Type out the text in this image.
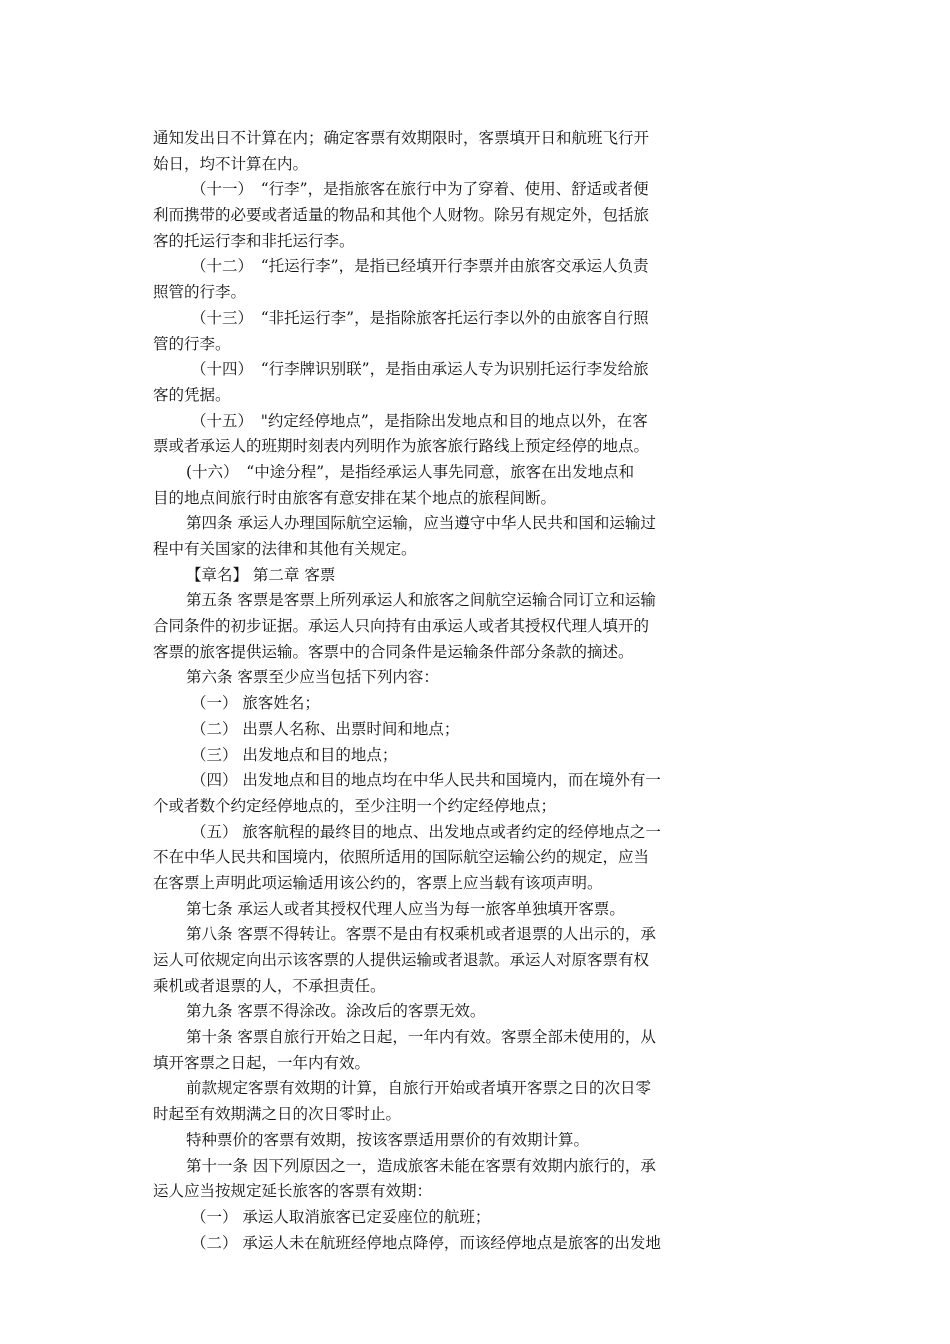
通知发出日不计算在内；确定客票有效期限时，客票填开日和航班飞行开
始日，均不计算在内。
（十一）　“行李”，是指旅客在旅行中为了穿着、使用、舒适或者便
利而携带的必要或者适量的物品和其他个人财物。除另有规定外，包括旅
客的托运行李和非托运行李。
（十二）　“托运行李”，是指已经填开行李票并由旅客交承运人负责
照管的行李。
（十三）　“非托运行李”，是指除旅客托运行李以外的由旅客自行照
管的行李。
（十四）　“行李牌识别联”，是指由承运人专为识别托运行李发给旅
客的凭据。
（十五）　"约定经停地点”，是指除出发地点和目的地点以外，在客
票或者承运人的班期时刻表内列明作为旅客旅行路线上预定经停的地点。
(十六）　“中途分程”，是指经承运人事先同意，旅客在出发地点和
目的地点间旅行时由旅客有意安排在某个地点的旅程间断。
第四条 承运人办理国际航空运输，应当遵守中华人民共和国和运输过
程中有关国家的法律和其他有关规定。
【章名】 第二章 客票
第五条 客票是客票上所列承运人和旅客之间航空运输合同订立和运输
合同条件的初步证据。承运人只向持有由承运人或者其授权代理人填开的
客票的旅客提供运输。客票中的合同条件是运输条件部分条款的摘述。
第六条 客票至少应当包括下列内容：
（一） 旅客姓名；
（二） 出票人名称、出票时间和地点；
（三） 出发地点和目的地点；
（四） 出发地点和目的地点均在中华人民共和国境内，而在境外有一
个或者数个约定经停地点的，至少注明一个约定经停地点；
（五） 旅客航程的最终目的地点、出发地点或者约定的经停地点之一
不在中华人民共和国境内，依照所适用的国际航空运输公约的规定，应当
在客票上声明此项运输适用该公约的，客票上应当载有该项声明。
第七条 承运人或者其授权代理人应当为每一旅客单独填开客票。
第八条 客票不得转让。客票不是由有权乘机或者退票的人出示的，承
运人可依规定向出示该客票的人提供运输或者退款。承运人对原客票有权
乘机或者退票的人，不承担责任。
第九条 客票不得涂改。涂改后的客票无效。
第十条 客票自旅行开始之日起，一年内有效。客票全部未使用的，从
填开客票之日起，一年内有效。
前款规定客票有效期的计算，自旅行开始或者填开客票之日的次日零
时起至有效期满之日的次日零时止。
特种票价的客票有效期，按该客票适用票价的有效期计算。
第十一条 因下列原因之一，造成旅客未能在客票有效期内旅行的，承
运人应当按规定延长旅客的客票有效期：
（一） 承运人取消旅客已定妥座位的航班；
（二） 承运人未在航班经停地点降停，而该经停地点是旅客的出发地
